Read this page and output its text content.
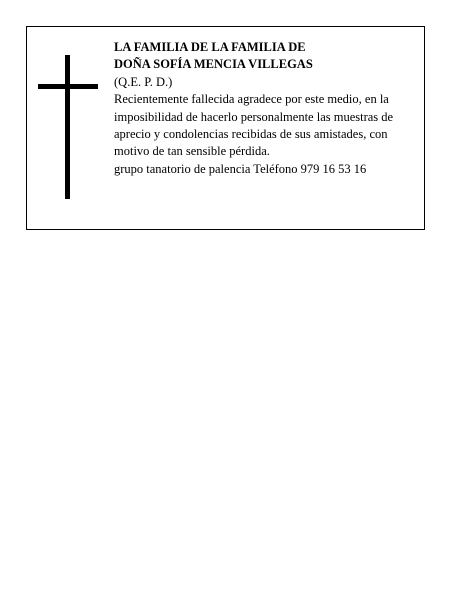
LA FAMILIA DE LA FAMILIA DE
DOÑA SOFÍA MENCIA VILLEGAS
(Q.E. P. D.)
Recientemente fallecida agradece por este medio, en la imposibilidad de hacerlo personalmente las muestras de aprecio y condolencias recibidas de sus amistades, con motivo de tan sensible pérdida.
grupo tanatorio de palencia Teléfono 979 16 53 16
